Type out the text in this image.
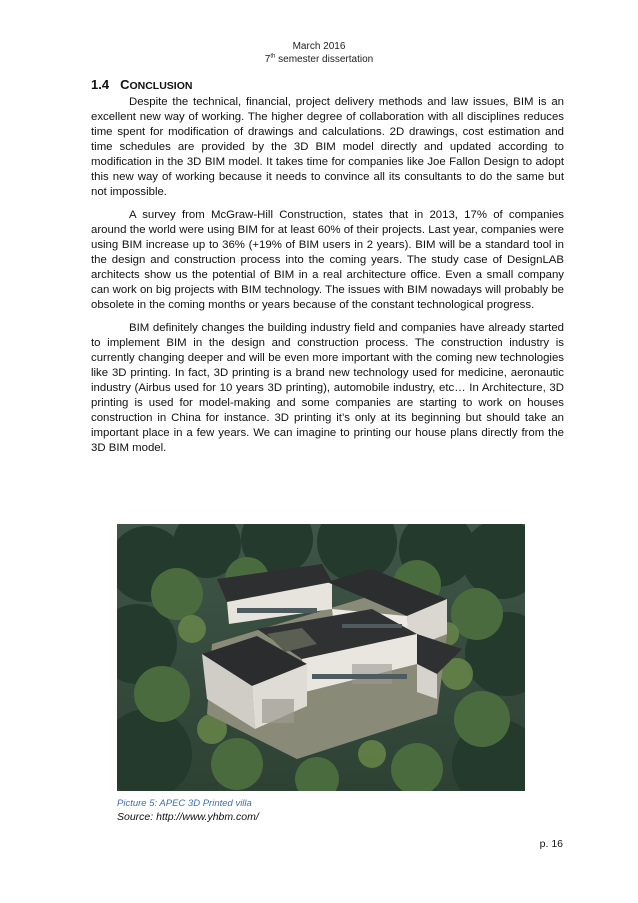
March 2016
7th semester dissertation
1.4 CONCLUSION

Despite the technical, financial, project delivery methods and law issues, BIM is an excellent new way of working. The higher degree of collaboration with all disciplines reduces time spent for modification of drawings and calculations. 2D drawings, cost estimation and time schedules are provided by the 3D BIM model directly and updated according to modification in the 3D BIM model. It takes time for companies like Joe Fallon Design to adopt this new way of working because it needs to convince all its consultants to do the same but not impossible.

A survey from McGraw-Hill Construction, states that in 2013, 17% of companies around the world were using BIM for at least 60% of their projects. Last year, companies were using BIM increase up to 36% (+19% of BIM users in 2 years). BIM will be a standard tool in the design and construction process into the coming years. The study case of DesignLAB architects show us the potential of BIM in a real architecture office. Even a small company can work on big projects with BIM technology. The issues with BIM nowadays will probably be obsolete in the coming months or years because of the constant technological progress.

BIM definitely changes the building industry field and companies have already started to implement BIM in the design and construction process. The construction industry is currently changing deeper and will be even more important with the coming new technologies like 3D printing. In fact, 3D printing is a brand new technology used for medicine, aeronautic industry (Airbus used for 10 years 3D printing), automobile industry, etc… In Architecture, 3D printing is used for model-making and some companies are starting to work on houses construction in China for instance. 3D printing it’s only at its beginning but should take an important place in a few years. We can imagine to printing our house plans directly from the 3D BIM model.

Picture 5: APEC 3D Printed villa
Source: http://www.yhbm.com/
p. 16
